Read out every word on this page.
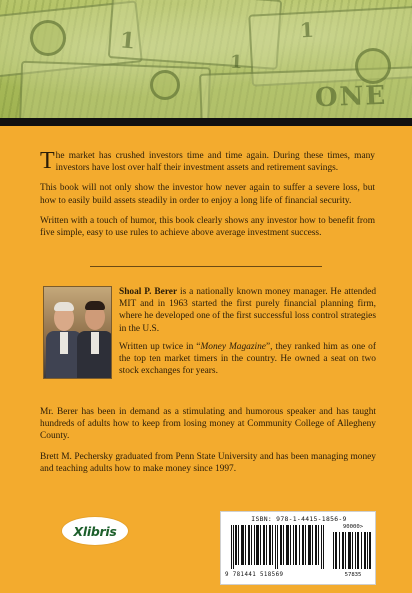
1	1
ONE
1

The market has crushed investors time and time again. During these times, many investors have lost over half their investment assets and retirement savings.

This book will not only show the investor how never again to suffer a severe loss, but how to easily build assets steadily in order to enjoy a long life of financial security.

Written with a touch of humor, this book clearly shows any investor how to benefit from five simple, easy to use rules to achieve above average investment success.

Shoal P. Berer is a nationally known money manager. He attended MIT and in 1963 started the first purely financial planning firm, where he developed one of the first successful loss control strategies in the U.S.

Written up twice in “Money Magazine”, they ranked him as one of the top ten market timers in the country. He owned a seat on two stock exchanges for years.

Mr. Berer has been in demand as a stimulating and humorous speaker and has taught hundreds of adults how to keep from losing money at Community College of Allegheny County.

Brett M. Pechersky graduated from Penn State University and has been managing money and teaching adults how to make money since 1997.

Xlibris
ISBN: 978-1-4415-1856-9
90000>
9 781441 518569	57835
